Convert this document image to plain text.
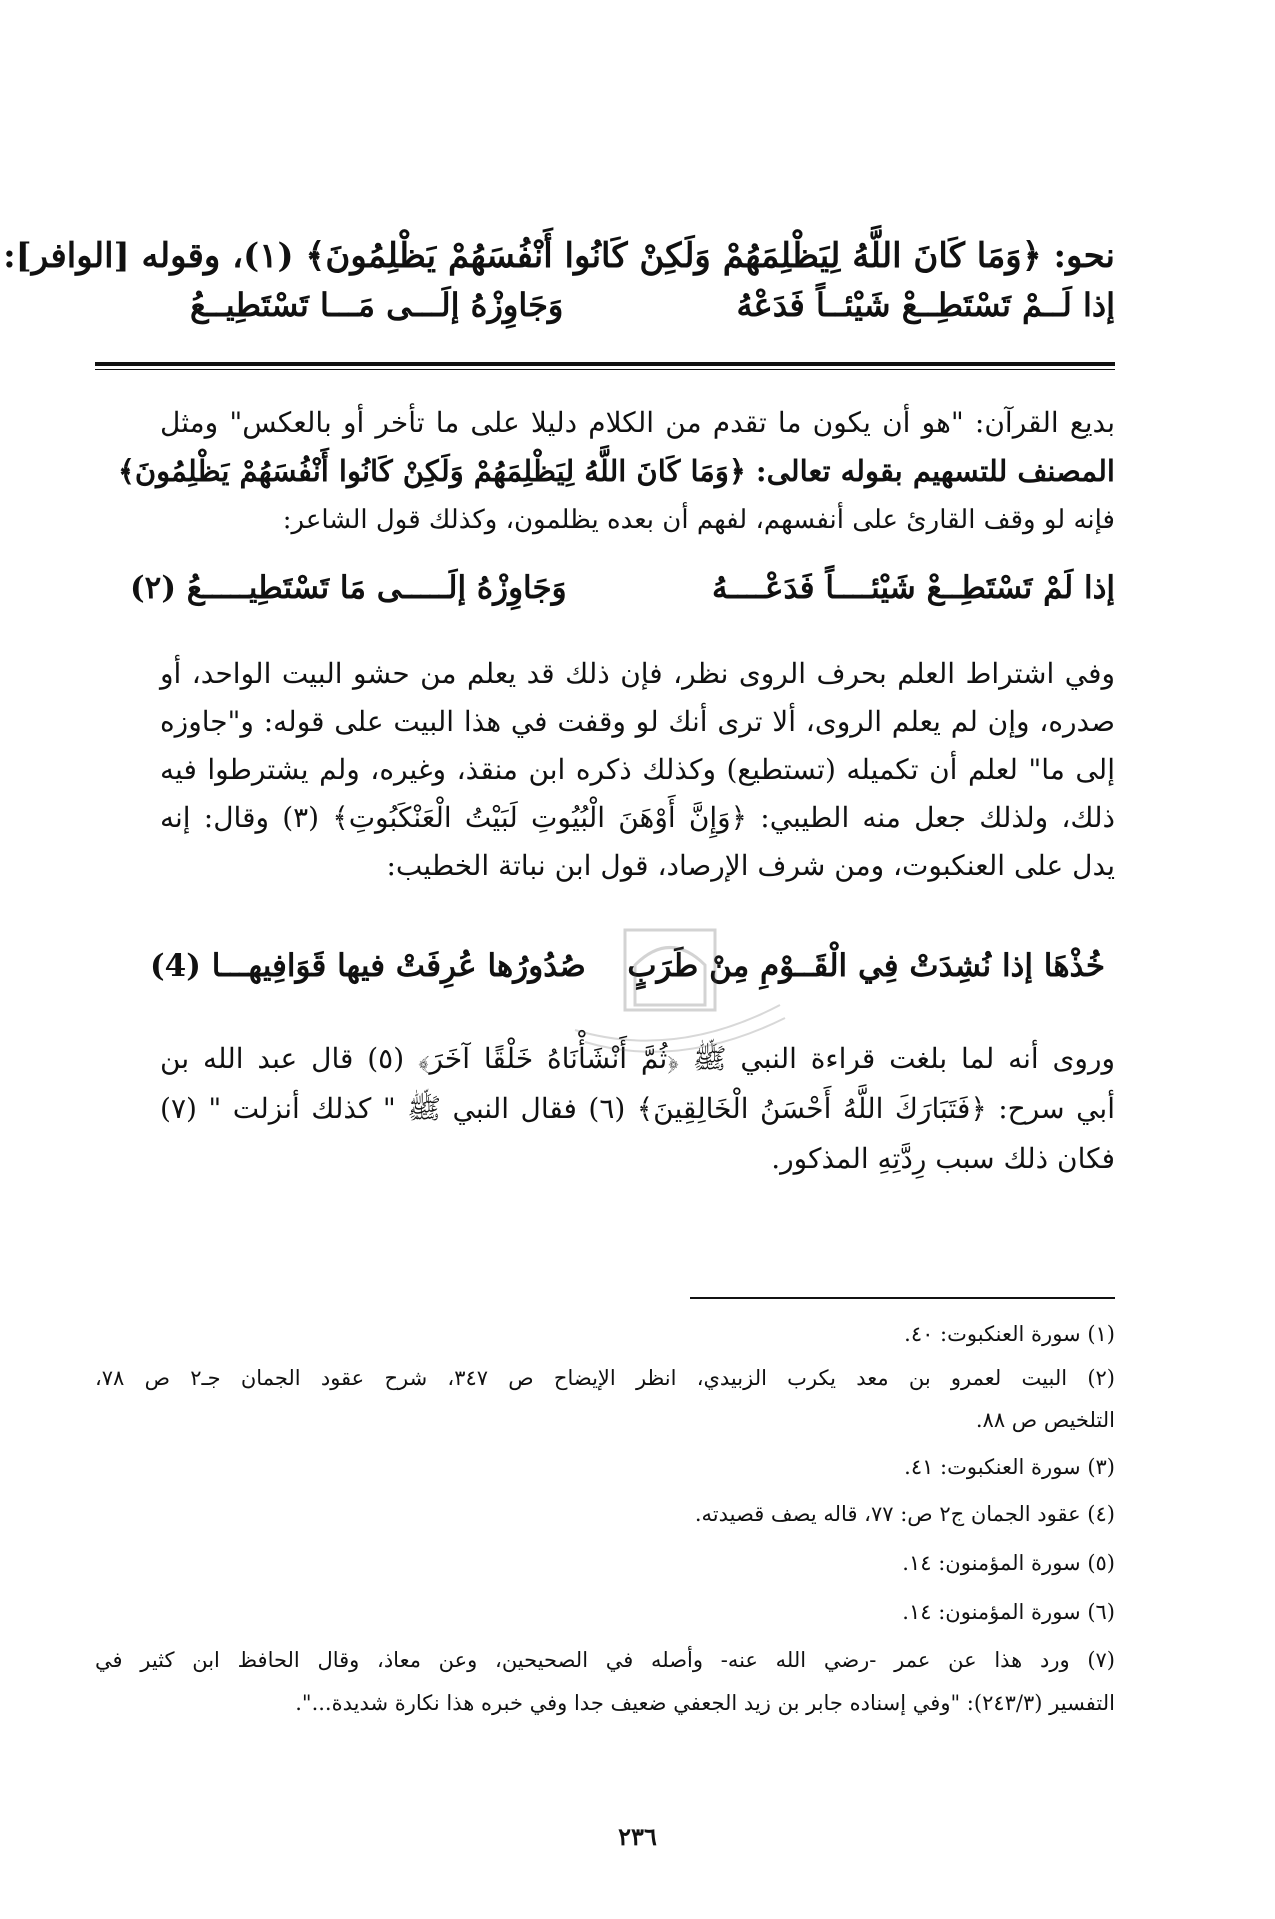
نحو: ﴿وَمَا كَانَ اللَّهُ لِيَظْلِمَهُمْ وَلَكِنْ كَانُوا أَنْفُسَهُمْ يَظْلِمُونَ﴾ (١)، وقوله [الوافر]:
إذا لَــمْ تَسْتَطِــعْ شَيْئــاً فَدَعْهُ
وَجَاوِزْهُ إلَـــى مَـــا تَسْتَطِيــعُ

بديع القرآن: "هو أن يكون ما تقدم من الكلام دليلا على ما تأخر أو بالعكس" ومثل

المصنف للتسهيم بقوله تعالى: ﴿وَمَا كَانَ اللَّهُ لِيَظْلِمَهُمْ وَلَكِنْ كَانُوا أَنْفُسَهُمْ يَظْلِمُونَ﴾

فإنه لو وقف القارئ على أنفسهم، لفهم أن بعده يظلمون، وكذلك قول الشاعر:

إذا لَمْ تَسْتَطِــعْ شَيْئــــاً فَدَعْــــهُ
وَجَاوِزْهُ إلَـــــى مَا تَسْتَطِيـــــعُ (٢)

وفي اشتراط العلم بحرف الروى نظر، فإن ذلك قد يعلم من حشو البيت الواحد، أو

صدره، وإن لم يعلم الروى، ألا ترى أنك لو وقفت في هذا البيت على قوله: و"جاوزه

إلى ما" لعلم أن تكميله (تستطيع) وكذلك ذكره ابن منقذ، وغيره، ولم يشترطوا فيه

ذلك، ولذلك جعل منه الطيبي: ﴿وَإِنَّ أَوْهَنَ الْبُيُوتِ لَبَيْتُ الْعَنْكَبُوتِ﴾ (٣) وقال: إنه

يدل على العنكبوت، ومن شرف الإرصاد، قول ابن نباتة الخطيب:

خُذْهَا إذا نُشِدَتْ فِي الْقَــوْمِ مِنْ طَرَبٍ
صُدُورُها عُرِفَتْ فيها قَوَافِيهـــا (4)

وروى أنه لما بلغت قراءة النبي ﷺ ﴿ثُمَّ أَنْشَأْنَاهُ خَلْقًا آخَرَ﴾ (٥) قال عبد الله بن

أبي سرح: ﴿فَتَبَارَكَ اللَّهُ أَحْسَنُ الْخَالِقِينَ﴾ (٦) فقال النبي ﷺ " كذلك أنزلت " (٧)

فكان ذلك سبب رِدَّتِهِ المذكور.

(١) سورة العنكبوت: ٤٠.
(٢) البيت لعمرو بن معد يكرب الزبيدي، انظر الإيضاح ص ٣٤٧، شرح عقود الجمان جـ٢ ص ٧٨،
التلخيص ص ٨٨.
(٣) سورة العنكبوت: ٤١.
(٤) عقود الجمان ج٢ ص: ٧٧، قاله يصف قصيدته.
(٥) سورة المؤمنون: ١٤.
(٦) سورة المؤمنون: ١٤.
(٧) ورد هذا عن عمر -رضي الله عنه- وأصله في الصحيحين، وعن معاذ، وقال الحافظ ابن كثير في
التفسير (٢٤٣/٣): "وفي إسناده جابر بن زيد الجعفي ضعيف جدا وفي خبره هذا نكارة شديدة...".
٢٣٦
